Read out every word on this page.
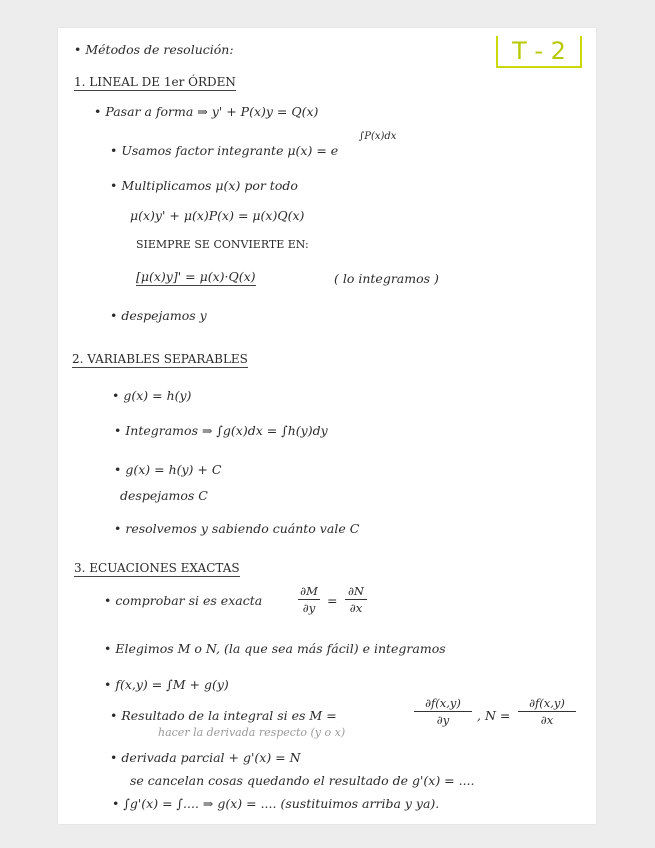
T - 2
• Métodos de resolución:
1. LINEAL DE 1er ÓRDEN
• Pasar a forma ⇒ y' + P(x)y = Q(x)
• Usamos factor integrante μ(x) = e
∫P(x)dx
• Multiplicamos μ(x) por todo
μ(x)y' + μ(x)P(x) = μ(x)Q(x)
SIEMPRE SE CONVIERTE EN:
[μ(x)y]' = μ(x)·Q(x)	( lo integramos )
• despejamos y
2. VARIABLES SEPARABLES
• g(x) = h(y)
• Integramos ⇒ ∫g(x)dx = ∫h(y)dy
• g(x) = h(y) + C
despejamos C
• resolvemos y sabiendo cuánto vale C
3. ECUACIONES EXACTAS
• comprobar si es exacta
∂M
∂y =
∂N
∂x
• Elegimos M o N, (la que sea más fácil) e integramos
• f(x,y) = ∫M + g(y)
• Resultado de la integral si es M =
∂f(x,y)
∂y	, N =
∂f(x,y)
∂x
hacer la derivada respecto (y o x)
• derivada parcial + g'(x) = N
se cancelan cosas quedando el resultado de g'(x) = ....
• ∫g'(x) = ∫.... ⇒ g(x) = .... (sustituimos arriba y ya).
